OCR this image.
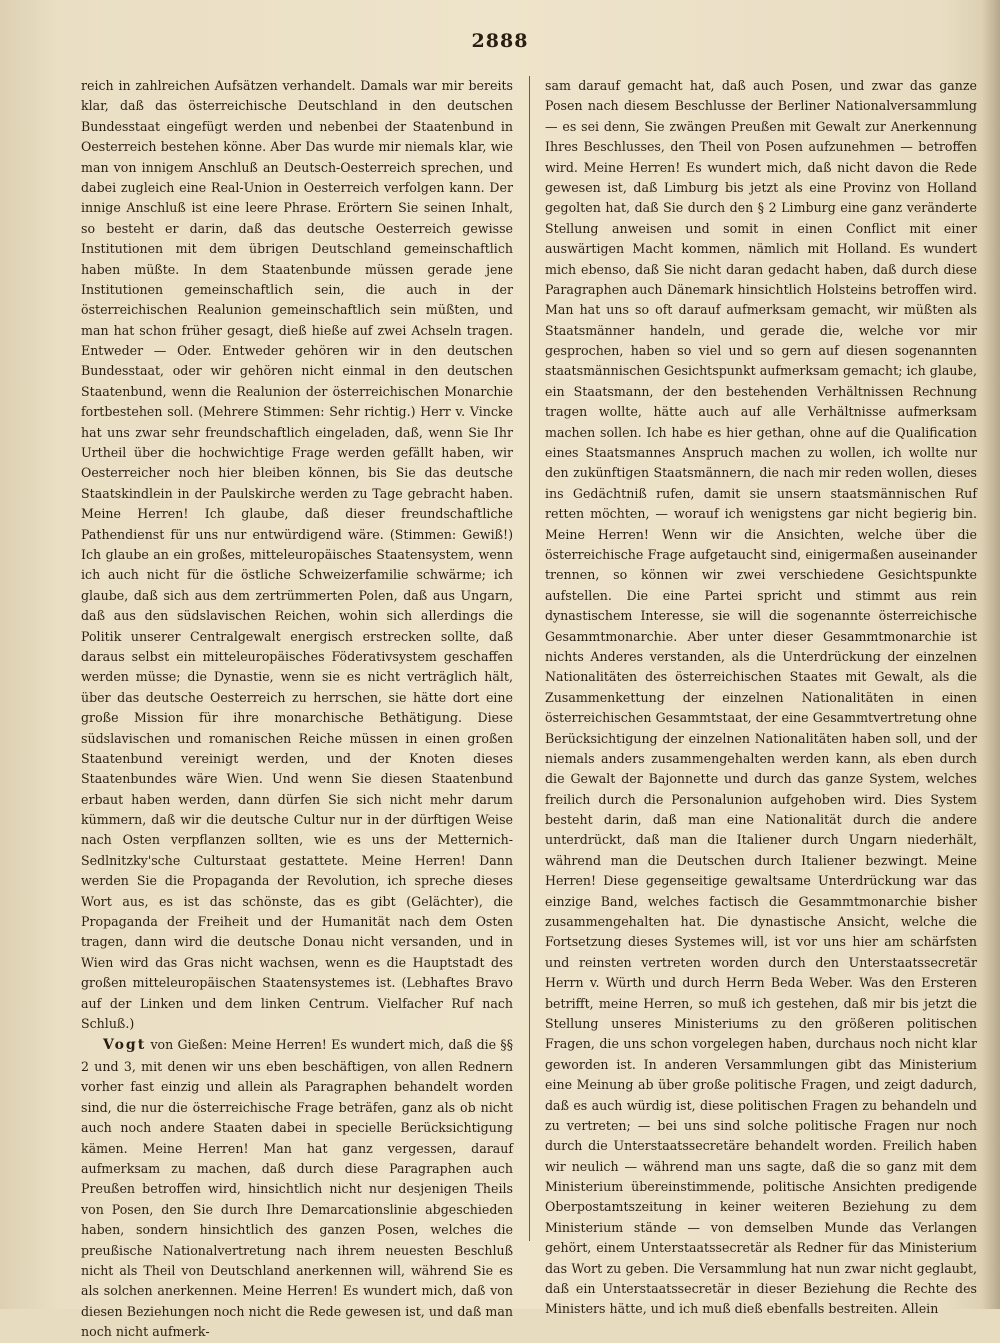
2888

reich in zahlreichen Aufsätzen verhandelt. Damals war mir bereits klar, daß das österreichische Deutschland in den deutschen Bundesstaat eingefügt werden und nebenbei der Staatenbund in Oesterreich bestehen könne. Aber Das wurde mir niemals klar, wie man von innigem Anschluß an Deutsch-Oesterreich sprechen, und dabei zugleich eine Real-Union in Oesterreich verfolgen kann. Der innige Anschluß ist eine leere Phrase. Erörtern Sie seinen Inhalt, so besteht er darin, daß das deutsche Oesterreich gewisse Institutionen mit dem übrigen Deutschland gemeinschaftlich haben müßte. In dem Staatenbunde müssen gerade jene Institutionen gemeinschaftlich sein, die auch in der österreichischen Realunion gemeinschaftlich sein müßten, und man hat schon früher gesagt, dieß hieße auf zwei Achseln tragen. Entweder — Oder. Entweder gehören wir in den deutschen Bundesstaat, oder wir gehören nicht einmal in den deutschen Staatenbund, wenn die Realunion der österreichischen Monarchie fortbestehen soll. (Mehrere Stimmen: Sehr richtig.) Herr v. Vincke hat uns zwar sehr freundschaftlich eingeladen, daß, wenn Sie Ihr Urtheil über die hochwichtige Frage werden gefällt haben, wir Oesterreicher noch hier bleiben können, bis Sie das deutsche Staatskindlein in der Paulskirche werden zu Tage gebracht haben. Meine Herren! Ich glaube, daß dieser freundschaftliche Pathendienst für uns nur entwürdigend wäre. (Stimmen: Gewiß!) Ich glaube an ein großes, mitteleuropäisches Staatensystem, wenn ich auch nicht für die östliche Schweizerfamilie schwärme; ich glaube, daß sich aus dem zertrümmerten Polen, daß aus Ungarn, daß aus den südslavischen Reichen, wohin sich allerdings die Politik unserer Centralgewalt energisch erstrecken sollte, daß daraus selbst ein mitteleuropäisches Föderativsystem geschaffen werden müsse; die Dynastie, wenn sie es nicht verträglich hält, über das deutsche Oesterreich zu herrschen, sie hätte dort eine große Mission für ihre monarchische Bethätigung. Diese südslavischen und romanischen Reiche müssen in einen großen Staatenbund vereinigt werden, und der Knoten dieses Staatenbundes wäre Wien. Und wenn Sie diesen Staatenbund erbaut haben werden, dann dürfen Sie sich nicht mehr darum kümmern, daß wir die deutsche Cultur nur in der dürftigen Weise nach Osten verpflanzen sollten, wie es uns der Metternich-Sedlnitzky'sche Culturstaat gestattete. Meine Herren! Dann werden Sie die Propaganda der Revolution, ich spreche dieses Wort aus, es ist das schönste, das es gibt (Gelächter), die Propaganda der Freiheit und der Humanität nach dem Osten tragen, dann wird die deutsche Donau nicht versanden, und in Wien wird das Gras nicht wachsen, wenn es die Hauptstadt des großen mitteleuropäischen Staatensystemes ist. (Lebhaftes Bravo auf der Linken und dem linken Centrum. Vielfacher Ruf nach Schluß.)

Vogt von Gießen: Meine Herren! Es wundert mich, daß die §§ 2 und 3, mit denen wir uns eben beschäftigen, von allen Rednern vorher fast einzig und allein als Paragraphen behandelt worden sind, die nur die österreichische Frage beträfen, ganz als ob nicht auch noch andere Staaten dabei in specielle Berücksichtigung kämen. Meine Herren! Man hat ganz vergessen, darauf aufmerksam zu machen, daß durch diese Paragraphen auch Preußen betroffen wird, hinsichtlich nicht nur desjenigen Theils von Posen, den Sie durch Ihre Demarcationslinie abgeschieden haben, sondern hinsichtlich des ganzen Posen, welches die preußische Nationalvertretung nach ihrem neuesten Beschluß nicht als Theil von Deutschland anerkennen will, während Sie es als solchen anerkennen. Meine Herren! Es wundert mich, daß von diesen Beziehungen noch nicht die Rede gewesen ist, und daß man noch nicht aufmerk-

sam darauf gemacht hat, daß auch Posen, und zwar das ganze Posen nach diesem Beschlusse der Berliner Nationalversammlung — es sei denn, Sie zwängen Preußen mit Gewalt zur Anerkennung Ihres Beschlusses, den Theil von Posen aufzunehmen — betroffen wird. Meine Herren! Es wundert mich, daß nicht davon die Rede gewesen ist, daß Limburg bis jetzt als eine Provinz von Holland gegolten hat, daß Sie durch den § 2 Limburg eine ganz veränderte Stellung anweisen und somit in einen Conflict mit einer auswärtigen Macht kommen, nämlich mit Holland. Es wundert mich ebenso, daß Sie nicht daran gedacht haben, daß durch diese Paragraphen auch Dänemark hinsichtlich Holsteins betroffen wird. Man hat uns so oft darauf aufmerksam gemacht, wir müßten als Staatsmänner handeln, und gerade die, welche vor mir gesprochen, haben so viel und so gern auf diesen sogenannten staatsmännischen Gesichtspunkt aufmerksam gemacht; ich glaube, ein Staatsmann, der den bestehenden Verhältnissen Rechnung tragen wollte, hätte auch auf alle Verhältnisse aufmerksam machen sollen. Ich habe es hier gethan, ohne auf die Qualification eines Staatsmannes Anspruch machen zu wollen, ich wollte nur den zukünftigen Staatsmännern, die nach mir reden wollen, dieses ins Gedächtniß rufen, damit sie unsern staatsmännischen Ruf retten möchten, — worauf ich wenigstens gar nicht begierig bin. Meine Herren! Wenn wir die Ansichten, welche über die österreichische Frage aufgetaucht sind, einigermaßen auseinander trennen, so können wir zwei verschiedene Gesichtspunkte aufstellen. Die eine Partei spricht und stimmt aus rein dynastischem Interesse, sie will die sogenannte österreichische Gesammtmonarchie. Aber unter dieser Gesammtmonarchie ist nichts Anderes verstanden, als die Unterdrückung der einzelnen Nationalitäten des österreichischen Staates mit Gewalt, als die Zusammenkettung der einzelnen Nationalitäten in einen österreichischen Gesammtstaat, der eine Gesammtvertretung ohne Berücksichtigung der einzelnen Nationalitäten haben soll, und der niemals anders zusammengehalten werden kann, als eben durch die Gewalt der Bajonnette und durch das ganze System, welches freilich durch die Personalunion aufgehoben wird. Dies System besteht darin, daß man eine Nationalität durch die andere unterdrückt, daß man die Italiener durch Ungarn niederhält, während man die Deutschen durch Italiener bezwingt. Meine Herren! Diese gegenseitige gewaltsame Unterdrückung war das einzige Band, welches factisch die Gesammtmonarchie bisher zusammengehalten hat. Die dynastische Ansicht, welche die Fortsetzung dieses Systemes will, ist vor uns hier am schärfsten und reinsten vertreten worden durch den Unterstaatssecretär Herrn v. Würth und durch Herrn Beda Weber. Was den Ersteren betrifft, meine Herren, so muß ich gestehen, daß mir bis jetzt die Stellung unseres Ministeriums zu den größeren politischen Fragen, die uns schon vorgelegen haben, durchaus noch nicht klar geworden ist. In anderen Versammlungen gibt das Ministerium eine Meinung ab über große politische Fragen, und zeigt dadurch, daß es auch würdig ist, diese politischen Fragen zu behandeln und zu vertreten; — bei uns sind solche politische Fragen nur noch durch die Unterstaatssecretäre behandelt worden. Freilich haben wir neulich — während man uns sagte, daß die so ganz mit dem Ministerium übereinstimmende, politische Ansichten predigende Oberpostamtszeitung in keiner weiteren Beziehung zu dem Ministerium stände — von demselben Munde das Verlangen gehört, einem Unterstaatssecretär als Redner für das Ministerium das Wort zu geben. Die Versammlung hat nun zwar nicht geglaubt, daß ein Unterstaatssecretär in dieser Beziehung die Rechte des Ministers hätte, und ich muß dieß ebenfalls bestreiten. Allein
